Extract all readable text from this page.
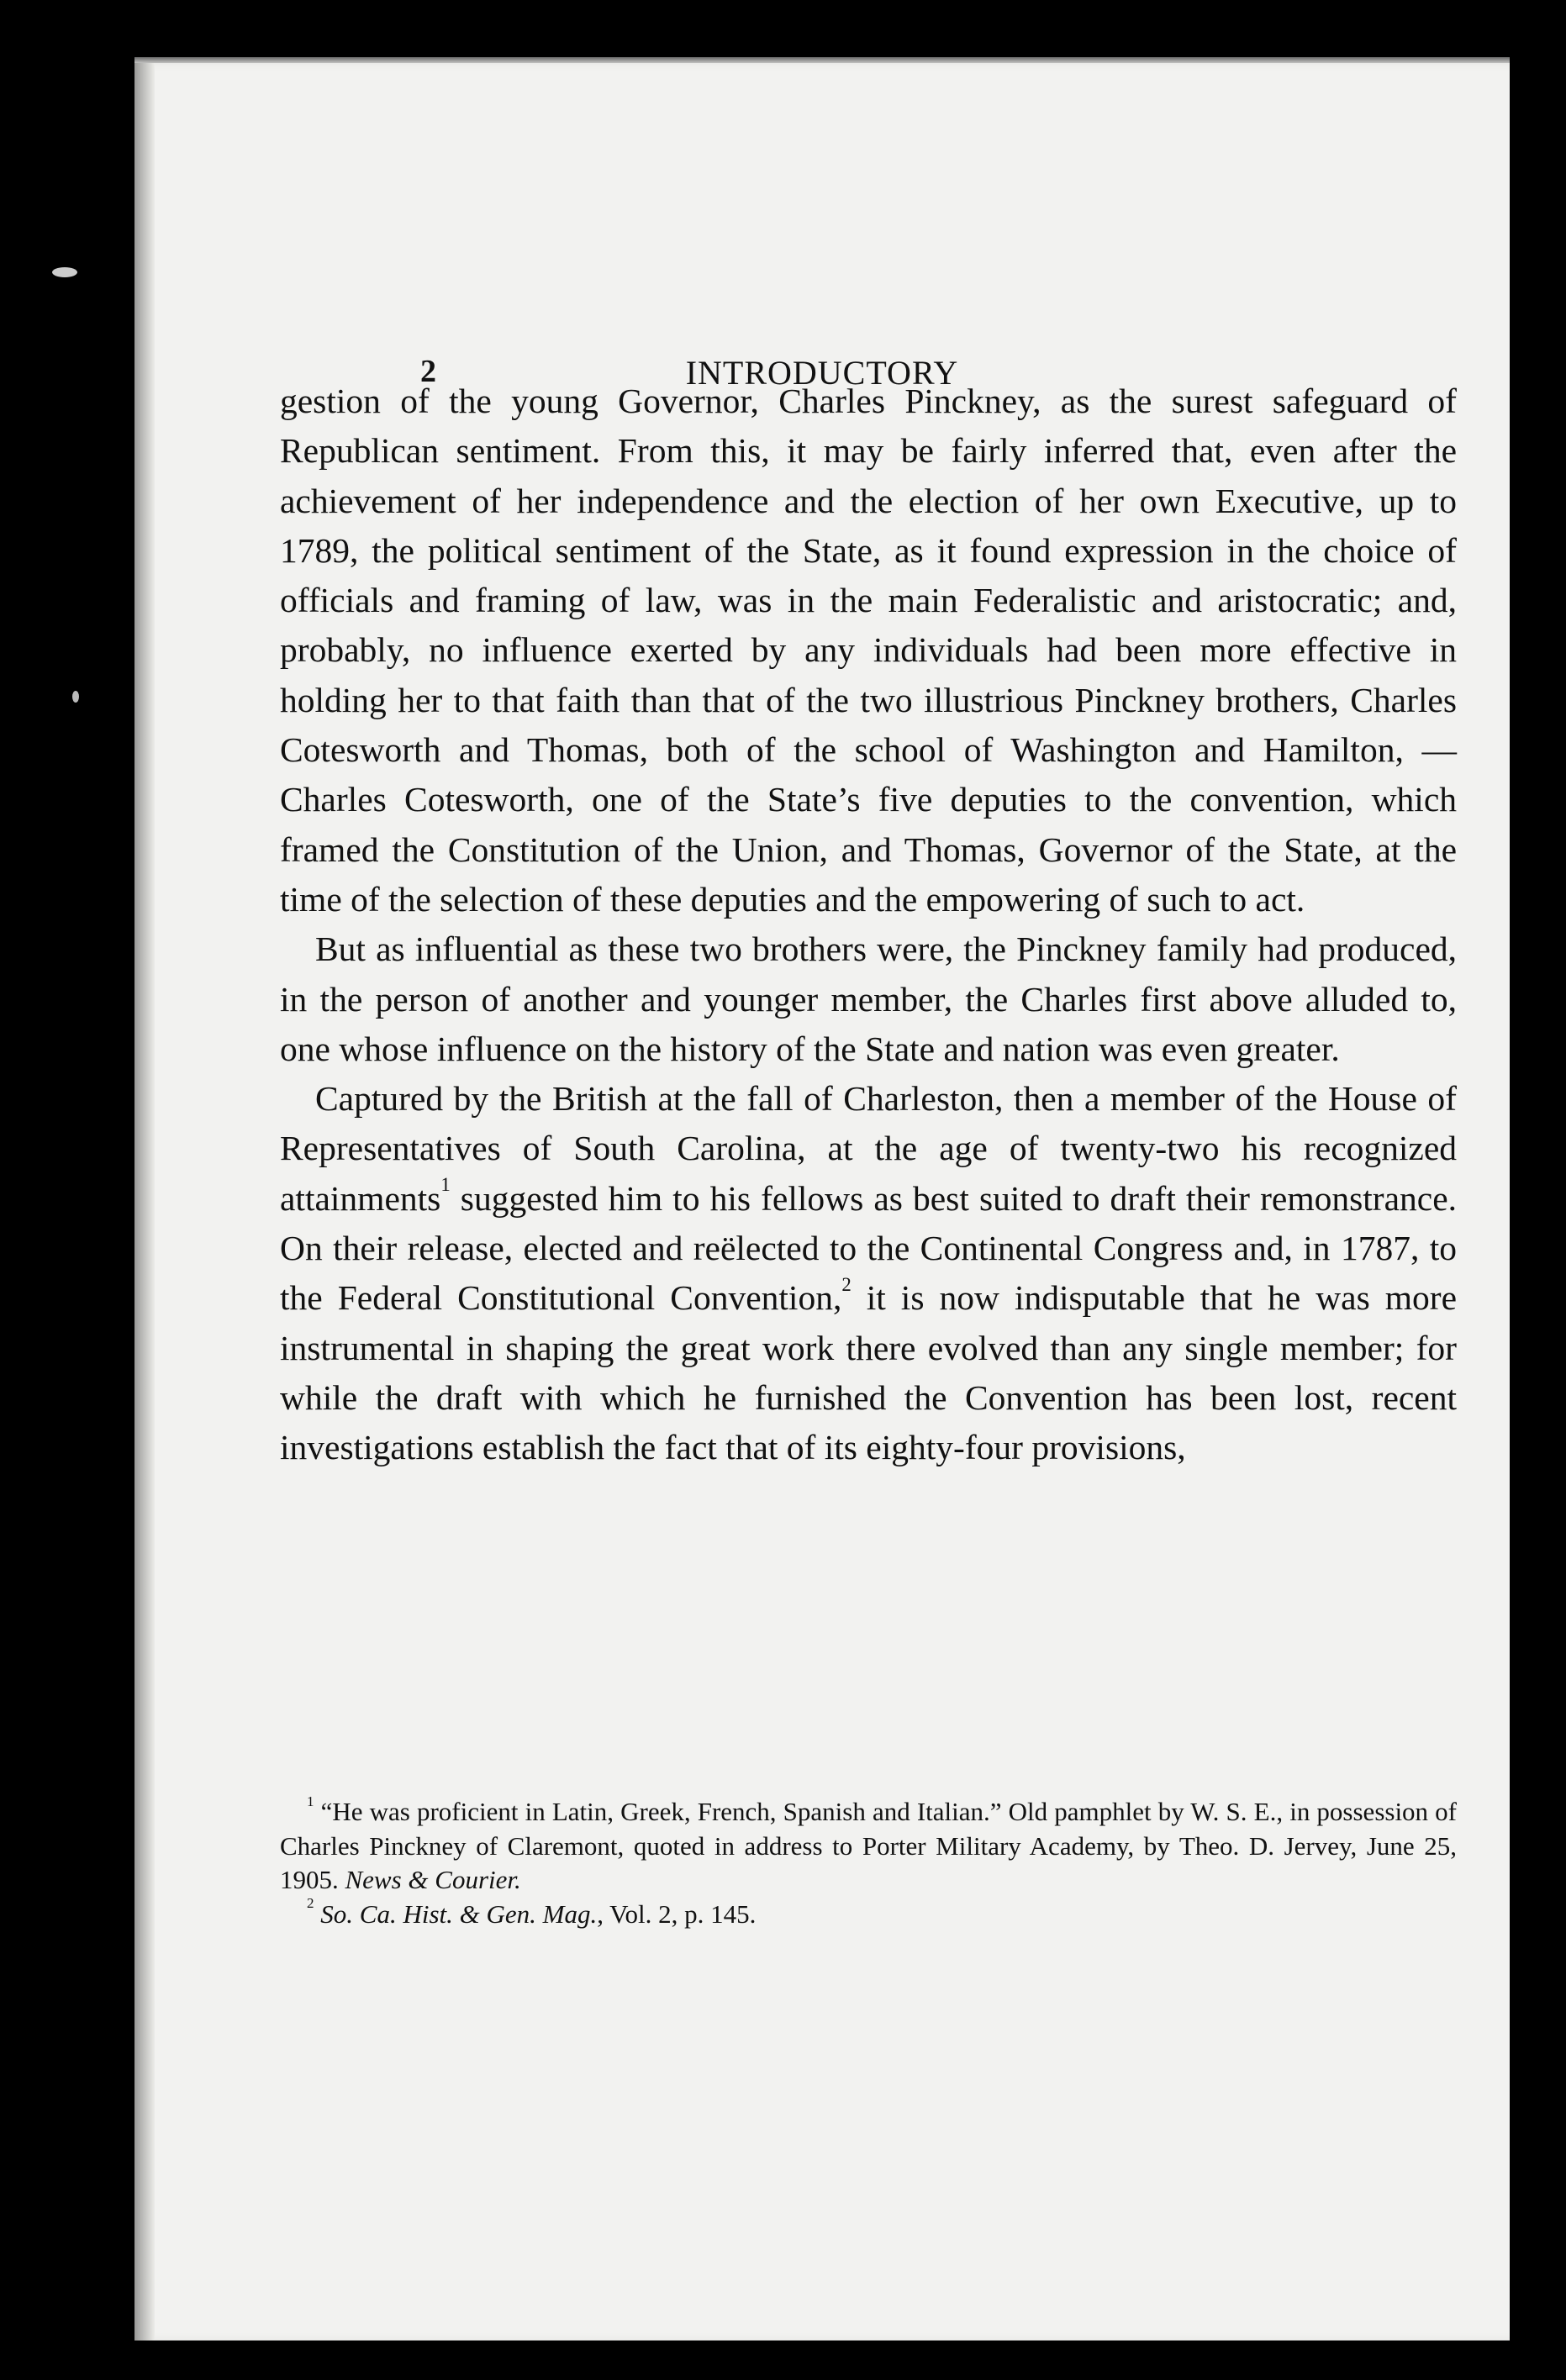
2	INTRODUCTORY

gestion of the young Governor, Charles Pinckney, as the surest safeguard of Republican sentiment. From this, it may be fairly inferred that, even after the achievement of her independence and the election of her own Executive, up to 1789, the political sentiment of the State, as it found expression in the choice of officials and framing of law, was in the main Federalistic and aristocratic; and, probably, no influence exerted by any individuals had been more effective in holding her to that faith than that of the two illustrious Pinckney brothers, Charles Cotesworth and Thomas, both of the school of Washington and Hamilton, — Charles Cotesworth, one of the State’s five deputies to the convention, which framed the Constitution of the Union, and Thomas, Governor of the State, at the time of the selection of these deputies and the empowering of such to act.

But as influential as these two brothers were, the Pinckney family had produced, in the person of another and younger member, the Charles first above alluded to, one whose influence on the history of the State and nation was even greater.

Captured by the British at the fall of Charleston, then a member of the House of Representatives of South Carolina, at the age of twenty-two his recognized attainments$^1$ suggested him to his fellows as best suited to draft their remonstrance. On their release, elected and reëlected to the Continental Congress and, in 1787, to the Federal Constitutional Convention,$^2$ it is now indisputable that he was more instrumental in shaping the great work there evolved than any single member; for while the draft with which he furnished the Convention has been lost, recent investigations establish the fact that of its eighty-four provisions,

$^1$ “He was proficient in Latin, Greek, French, Spanish and Italian.” Old pamphlet by W. S. E., in possession of Charles Pinckney of Claremont, quoted in address to Porter Military Academy, by Theo. D. Jervey, June 25, 1905. News & Courier.

$^2$ So. Ca. Hist. & Gen. Mag., Vol. 2, p. 145.
